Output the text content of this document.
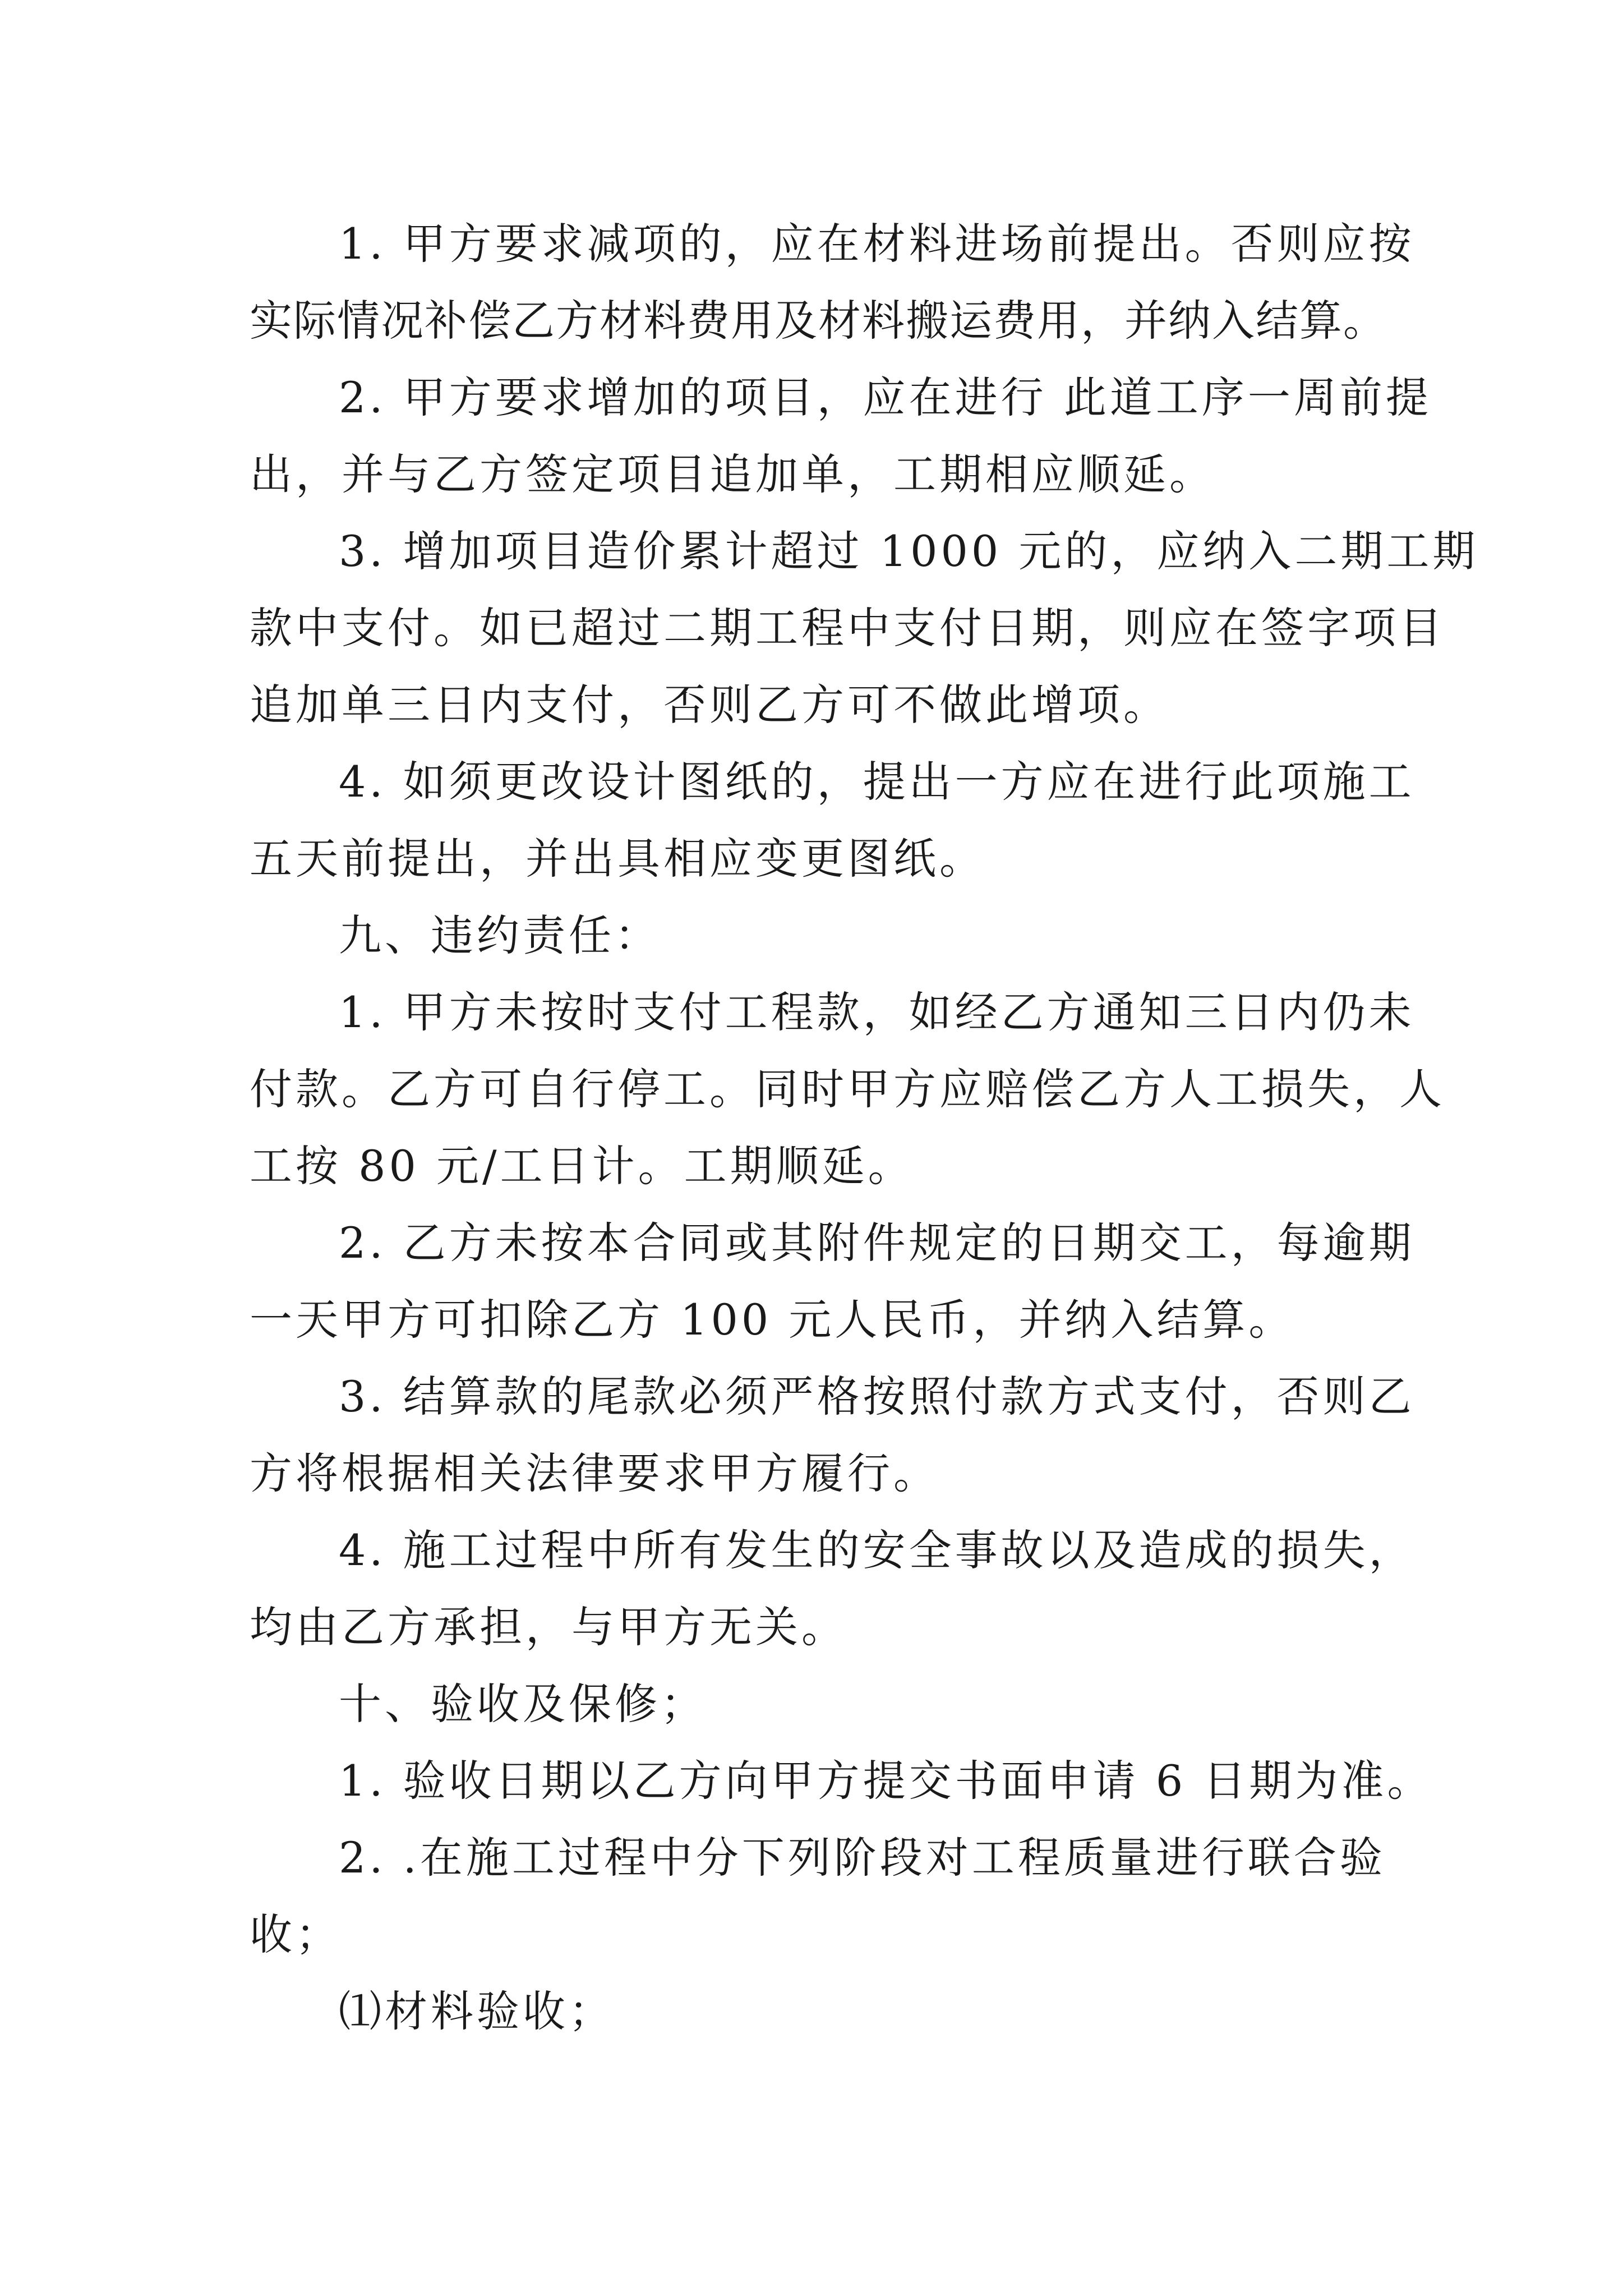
1. 甲方要求减项的，应在材料进场前提出。否则应按

实际情况补偿乙方材料费用及材料搬运费用，并纳入结算。

2. 甲方要求增加的项目，应在进行 此道工序一周前提

出，并与乙方签定项目追加单，工期相应顺延。

3. 增加项目造价累计超过 1000 元的，应纳入二期工期

款中支付。如已超过二期工程中支付日期，则应在签字项目

追加单三日内支付，否则乙方可不做此增项。

4. 如须更改设计图纸的，提出一方应在进行此项施工

五天前提出，并出具相应变更图纸。

九、违约责任：

1. 甲方未按时支付工程款，如经乙方通知三日内仍未

付款。乙方可自行停工。同时甲方应赔偿乙方人工损失，人

工按 80 元/工日计。工期顺延。

2. 乙方未按本合同或其附件规定的日期交工，每逾期

一天甲方可扣除乙方 100 元人民币，并纳入结算。

3. 结算款的尾款必须严格按照付款方式支付，否则乙

方将根据相关法律要求甲方履行。

4. 施工过程中所有发生的安全事故以及造成的损失，

均由乙方承担，与甲方无关。

十、验收及保修；

1. 验收日期以乙方向甲方提交书面申请 6 日期为准。

2. .在施工过程中分下列阶段对工程质量进行联合验

收；

⑴材料验收；
